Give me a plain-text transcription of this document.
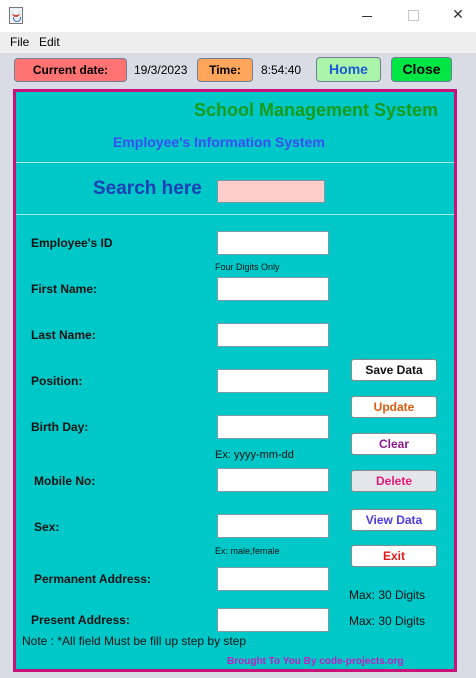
✕
File Edit
Current date:	19/3/2023	Time:	8:54:40	Home	Close
School Management System
Employee's Information System
Search here
Employee's ID
Four Digits Only
First Name:
Last Name:
Position:
Birth Day:
Ex: yyyy-mm-dd
Mobile No:
Sex:
Ex: male,female
Permanent Address:
Max: 30 Digits
Present Address:	Max: 30 Digits
Save Data
Update
Clear
Delete
View Data
Exit
Note : *All field Must be fill up step by step
Brought To You By code-projects.org
